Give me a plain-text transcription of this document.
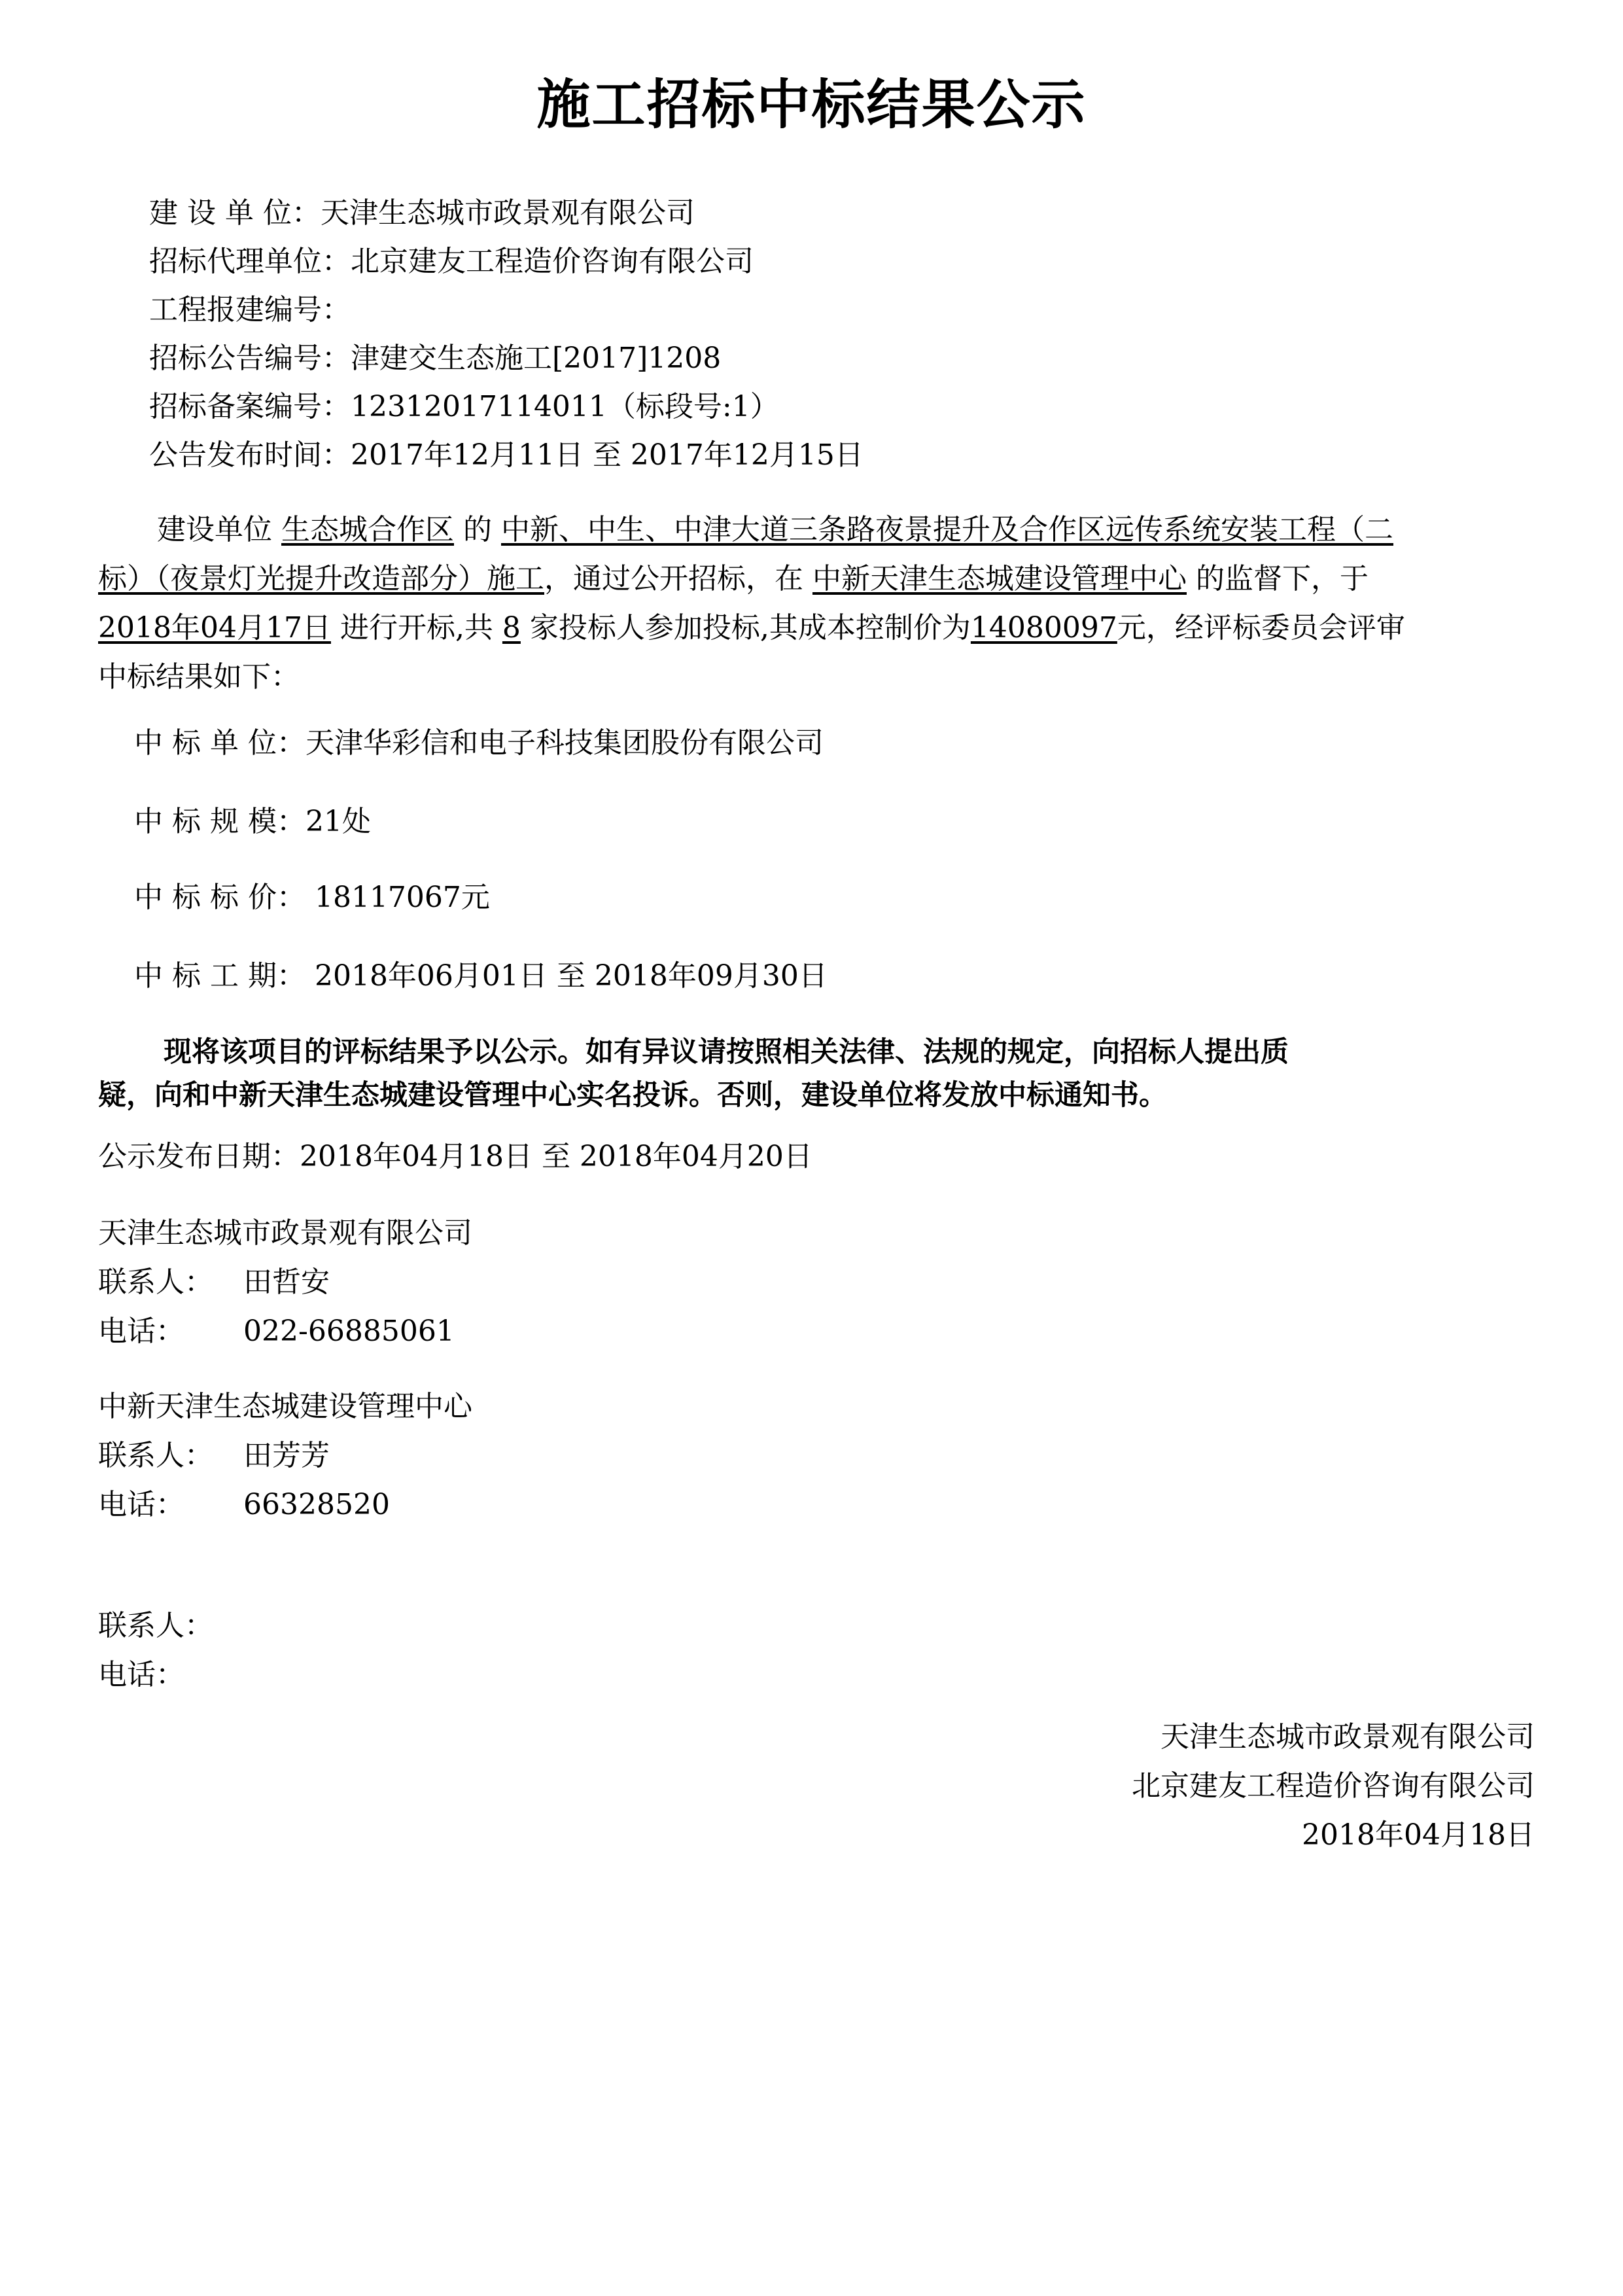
施工招标中标结果公示
建 设 单 位：天津生态城市政景观有限公司
招标代理单位：北京建友工程造价咨询有限公司
工程报建编号：
招标公告编号：津建交生态施工[2017]1208
招标备案编号：12312017114011（标段号:1）
公告发布时间：2017年12月11日 至 2017年12月15日
建设单位 生态城合作区 的 中新、中生、中津大道三条路夜景提升及合作区远传系统安装工程（二
标）（夜景灯光提升改造部分）施工，通过公开招标，在 中新天津生态城建设管理中心 的监督下，于
2018年04月17日 进行开标,共 8 家投标人参加投标,其成本控制价为14080097元，经评标委员会评审
中标结果如下：
中 标 单 位：天津华彩信和电子科技集团股份有限公司
中 标 规 模：21处
中 标 标 价： 18117067元
中 标 工 期： 2018年06月01日 至 2018年09月30日
现将该项目的评标结果予以公示。如有异议请按照相关法律、法规的规定，向招标人提出质
疑，向和中新天津生态城建设管理中心实名投诉。否则，建设单位将发放中标通知书。
公示发布日期：2018年04月18日 至 2018年04月20日
天津生态城市政景观有限公司
联系人： 田哲安
电话： 022-66885061
中新天津生态城建设管理中心
联系人： 田芳芳
电话： 66328520
联系人：
电话：
天津生态城市政景观有限公司
北京建友工程造价咨询有限公司
2018年04月18日
